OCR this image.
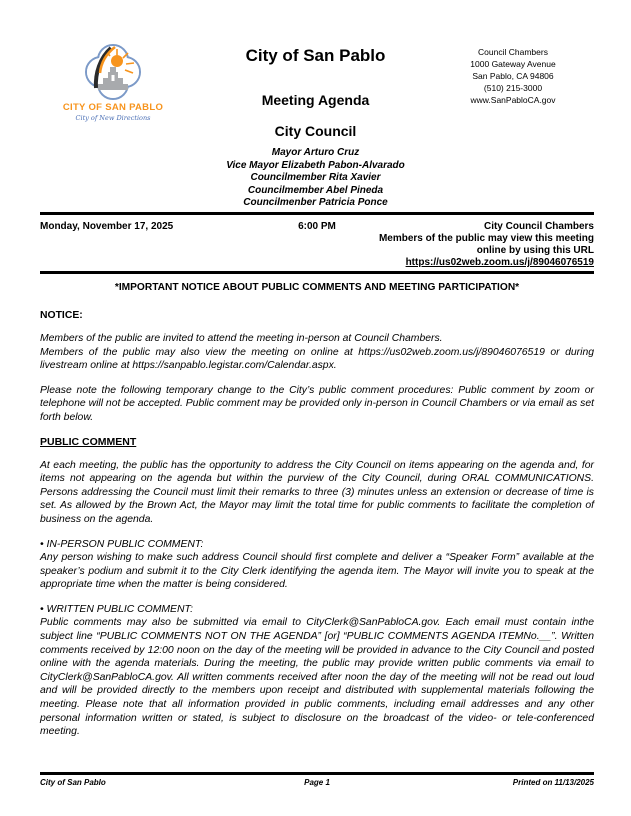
CITY OF SAN PABLO
City of New Directions
City of San Pablo
Meeting Agenda
City Council
Council Chambers
1000 Gateway Avenue
San Pablo, CA 94806
(510) 215-3000
www.SanPabloCA.gov
Mayor Arturo Cruz
Vice Mayor Elizabeth Pabon-Alvarado
Councilmember Rita Xavier
Councilmember Abel Pineda
Councilmenber Patricia Ponce
Monday, November 17, 2025	6:00 PM	City Council Chambers
Members of the public may view this meeting
online by using this URL
https://us02web.zoom.us/j/89046076519
*IMPORTANT NOTICE ABOUT PUBLIC COMMENTS AND MEETING PARTICIPATION*
NOTICE:
Members of the public are invited to attend the meeting in-person at Council Chambers.
Members of the public may also view the meeting on online at https://us02web.zoom.us/j/89046076519 or during livestream online at https://sanpablo.legistar.com/Calendar.aspx.
Please note the following temporary change to the City’s public comment procedures: Public comment by zoom or telephone will not be accepted. Public comment may be provided only in-person in Council Chambers or via email as set forth below.
PUBLIC COMMENT
At each meeting, the public has the opportunity to address the City Council on items appearing on the agenda and, for items not appearing on the agenda but within the purview of the City Council, during ORAL COMMUNICATIONS. Persons addressing the Council must limit their remarks to three (3) minutes unless an extension or decrease of time is set. As allowed by the Brown Act, the Mayor may limit the total time for public comments to facilitate the completion of business on the agenda.
• IN-PERSON PUBLIC COMMENT:
Any person wishing to make such address Council should first complete and deliver a “Speaker Form” available at the speaker’s podium and submit it to the City Clerk identifying the agenda item. The Mayor will invite you to speak at the appropriate time when the matter is being considered.
• WRITTEN PUBLIC COMMENT:
Public comments may also be submitted via email to CityClerk@SanPabloCA.gov. Each email must contain inthe subject line “PUBLIC COMMENTS NOT ON THE AGENDA” [or] “PUBLIC COMMENTS AGENDA ITEMNo.__”. Written comments received by 12:00 noon on the day of the meeting will be provided in advance to the City Council and posted online with the agenda materials. During the meeting, the public may provide written public comments via email to CityClerk@SanPabloCA.gov. All written comments received after noon the day of the meeting will not be read out loud and will be provided directly to the members upon receipt and distributed with supplemental materials following the meeting. Please note that all information provided in public comments, including email addresses and any other personal information written or stated, is subject to disclosure on the broadcast of the video- or tele-conferenced meeting.
City of San Pablo	Page 1	Printed on 11/13/2025
